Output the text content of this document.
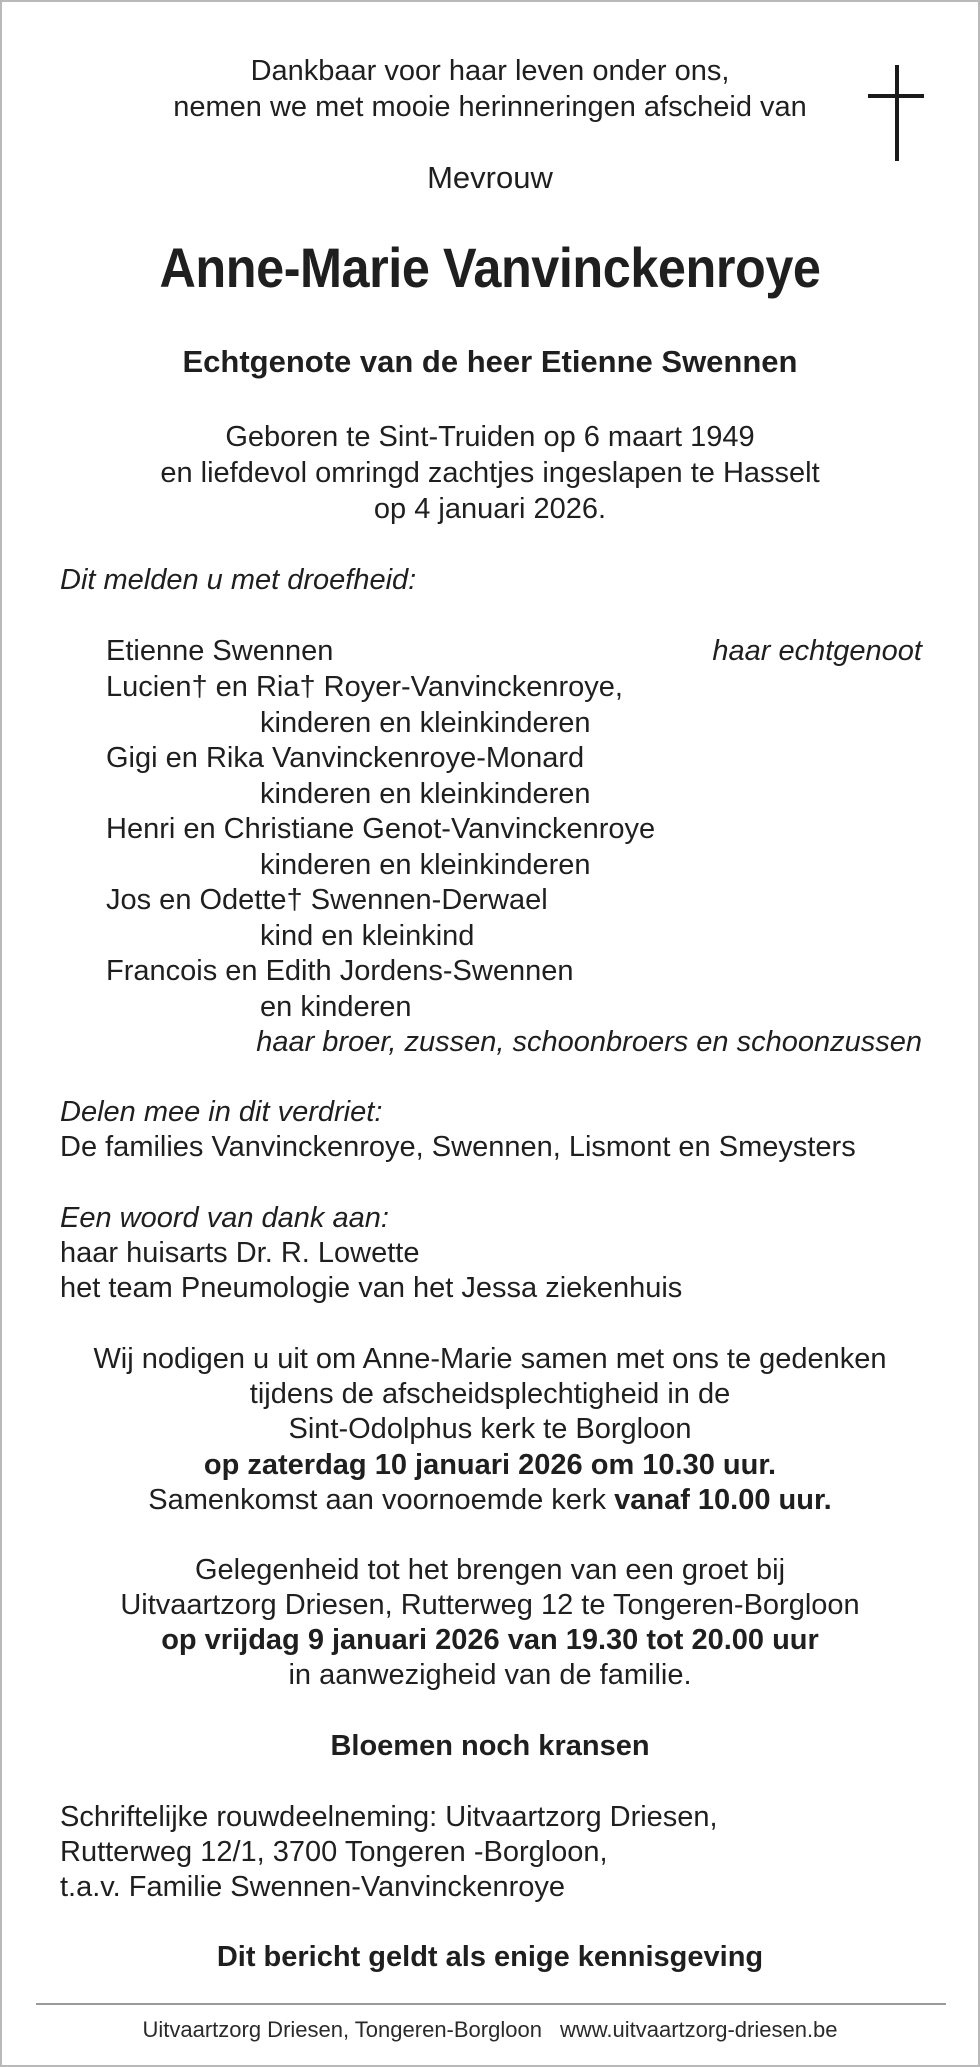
Dankbaar voor haar leven onder ons,

nemen we met mooie herinneringen afscheid van

Mevrouw

Anne-Marie Vanvinckenroye

Echtgenote van de heer Etienne Swennen

Geboren te Sint-Truiden op 6 maart 1949

en liefdevol omringd zachtjes ingeslapen te Hasselt

op 4 januari 2026.

Dit melden u met droefheid:

Etienne Swennen	haar echtgenoot

Lucien† en Ria† Royer-Vanvinckenroye,

kinderen en kleinkinderen

Gigi en Rika Vanvinckenroye-Monard

kinderen en kleinkinderen

Henri en Christiane Genot-Vanvinckenroye

kinderen en kleinkinderen

Jos en Odette† Swennen-Derwael

kind en kleinkind

Francois en Edith Jordens-Swennen

en kinderen

haar broer, zussen, schoonbroers en schoonzussen

Delen mee in dit verdriet:

De families Vanvinckenroye, Swennen, Lismont en Smeysters

Een woord van dank aan:

haar huisarts Dr. R. Lowette

het team Pneumologie van het Jessa ziekenhuis

Wij nodigen u uit om Anne-Marie samen met ons te gedenken

tijdens de afscheidsplechtigheid in de

Sint-Odolphus kerk te Borgloon

op zaterdag 10 januari 2026 om 10.30 uur.

Samenkomst aan voornoemde kerk vanaf 10.00 uur.

Gelegenheid tot het brengen van een groet bij

Uitvaartzorg Driesen, Rutterweg 12 te Tongeren-Borgloon

op vrijdag 9 januari 2026 van 19.30 tot 20.00 uur

in aanwezigheid van de familie.

Bloemen noch kransen

Schriftelijke rouwdeelneming: Uitvaartzorg Driesen,

Rutterweg 12/1, 3700 Tongeren -Borgloon,

t.a.v. Familie Swennen-Vanvinckenroye

Dit bericht geldt als enige kennisgeving

Uitvaartzorg Driesen, Tongeren-Borgloon www.uitvaartzorg-driesen.be
